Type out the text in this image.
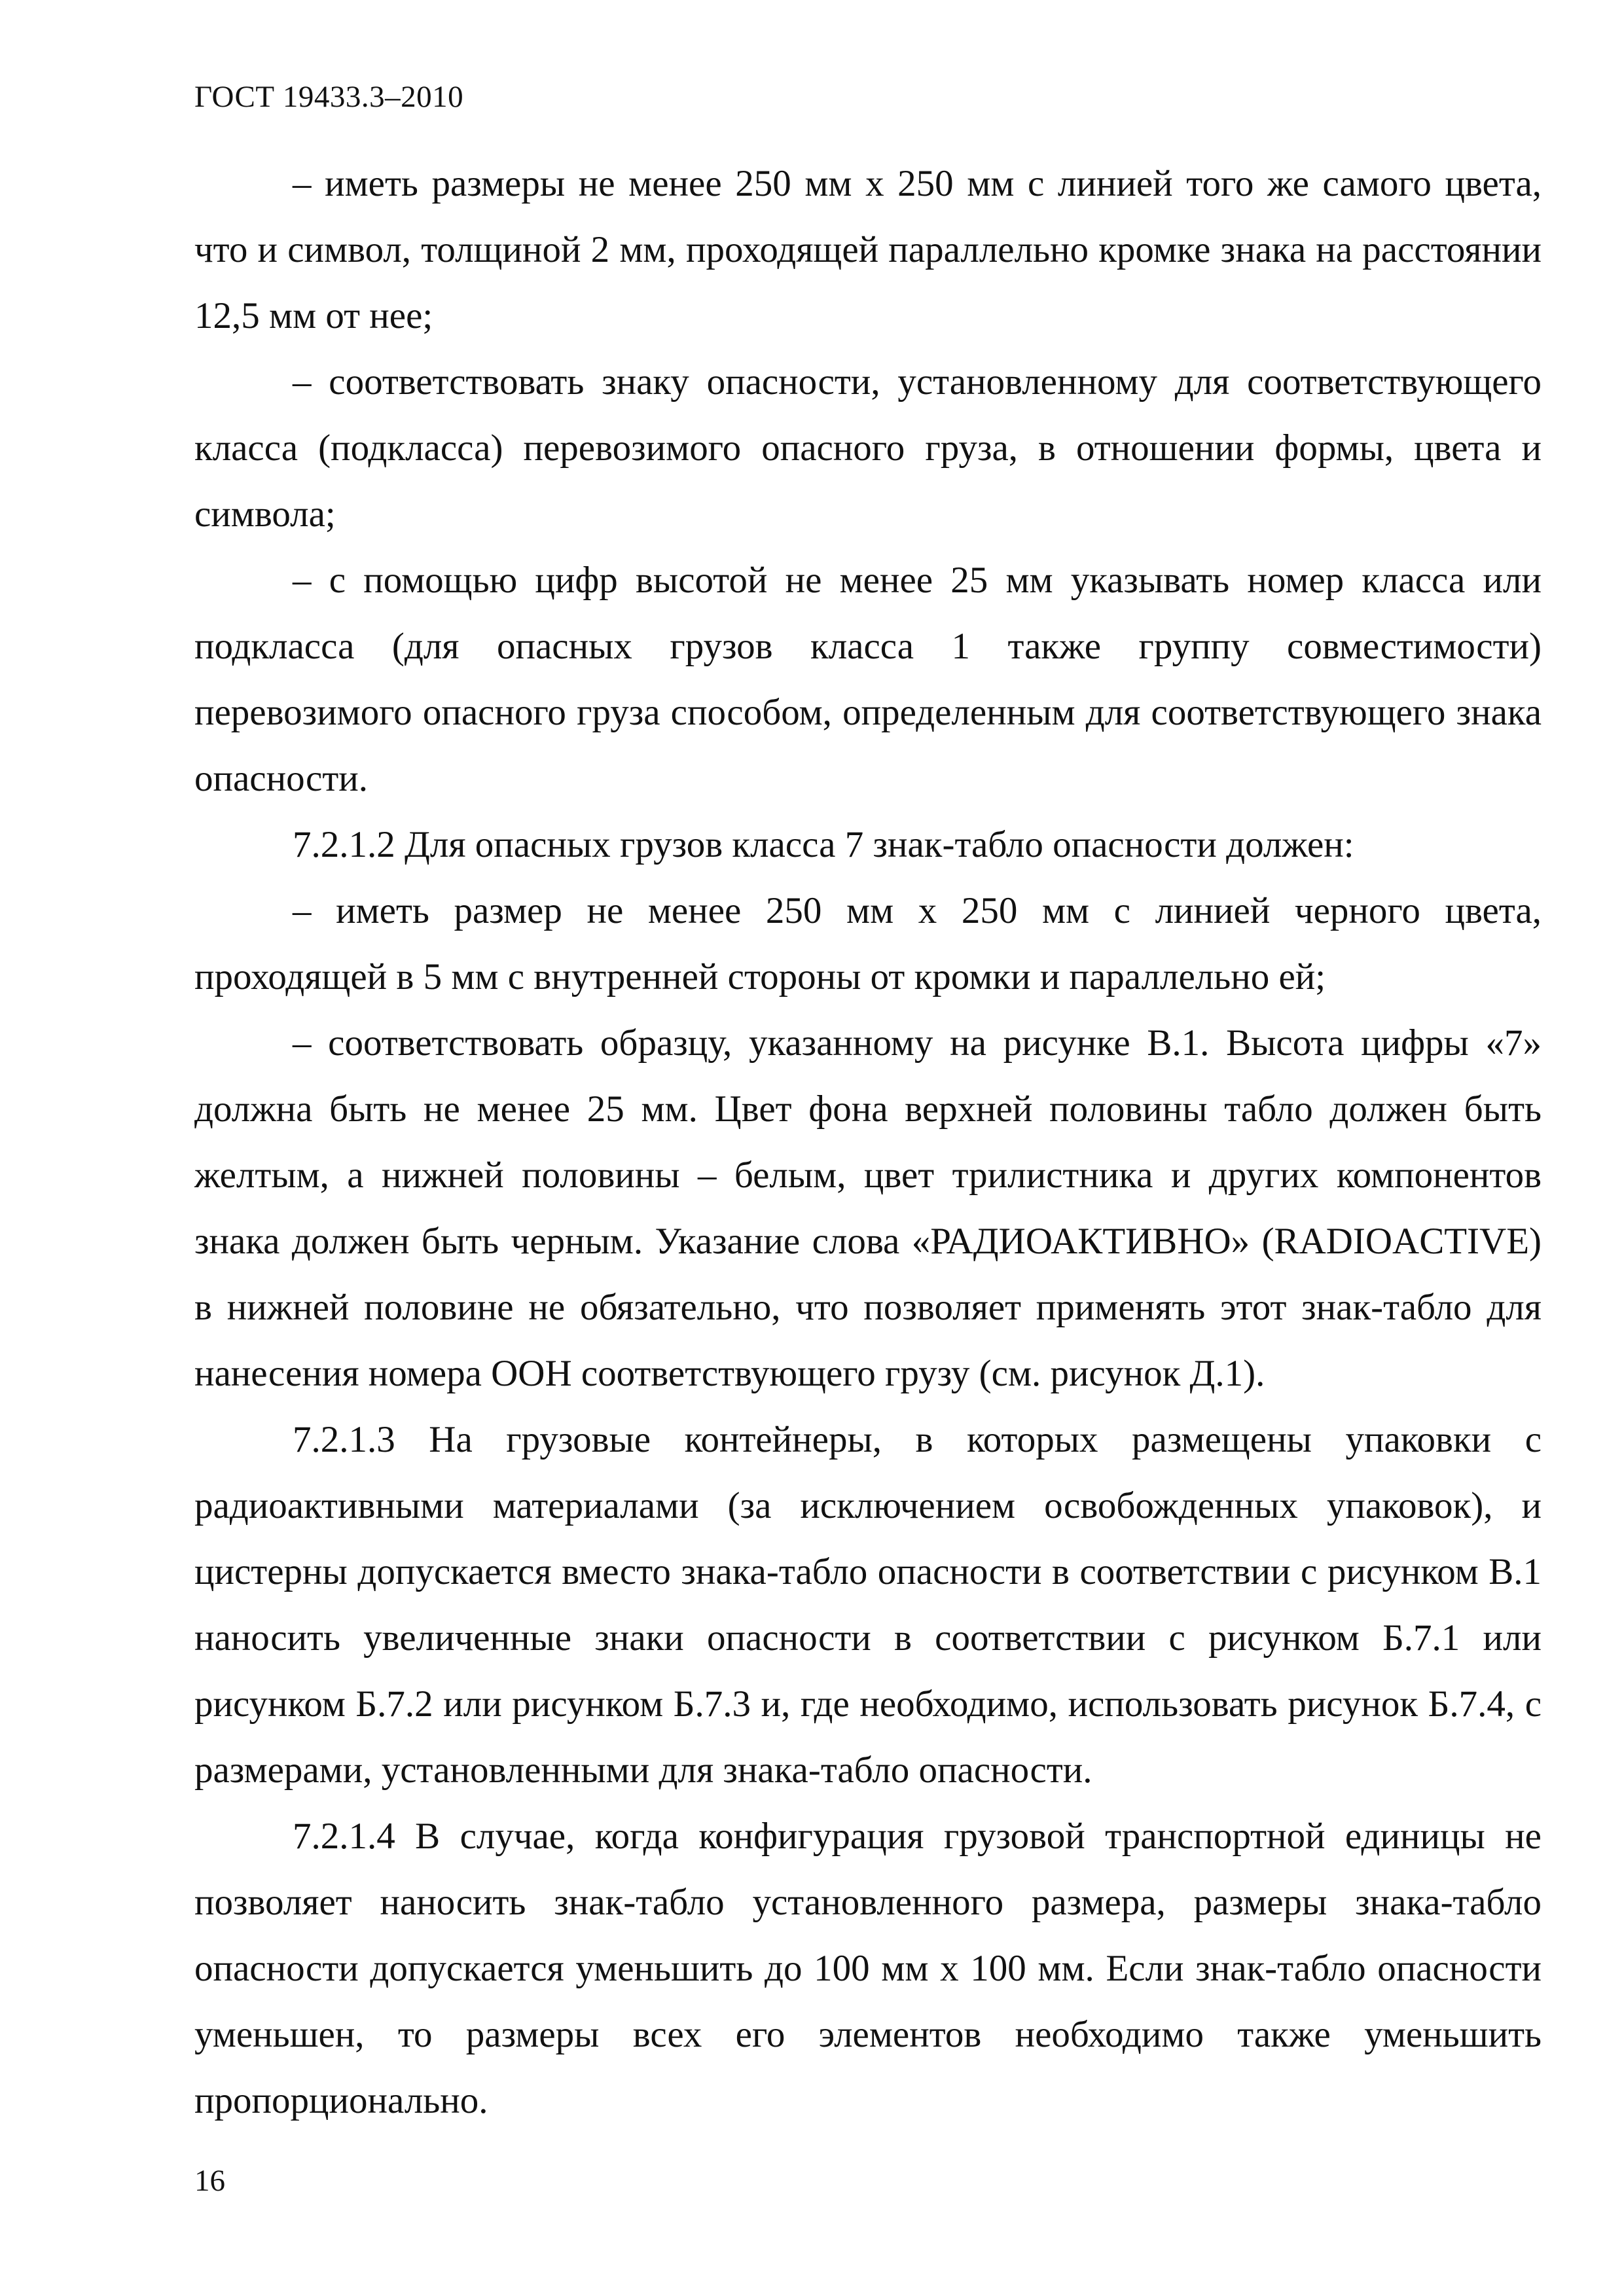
ГОСТ 19433.3–2010

– иметь размеры не менее 250 мм х 250 мм с линией того же самого цвета, что и символ, толщиной 2 мм, проходящей параллельно кромке знака на расстоянии 12,5 мм от нее;

– соответствовать знаку опасности, установленному для соответствующего класса (подкласса) перевозимого опасного груза, в отношении формы, цвета и символа;

– с помощью цифр высотой не менее 25 мм указывать номер класса или подкласса (для опасных грузов класса 1 также группу совместимости) перевозимого опасного груза способом, определенным для соответствующего знака опасности.

7.2.1.2 Для опасных грузов класса 7 знак-табло опасности должен:

– иметь размер не менее 250 мм х 250 мм с линией черного цвета, проходящей в 5 мм с внутренней стороны от кромки и параллельно ей;

– соответствовать образцу, указанному на рисунке В.1. Высота цифры «7» должна быть не менее 25 мм. Цвет фона верхней половины табло должен быть желтым, а нижней половины – белым, цвет трилистника и других компонентов знака должен быть черным. Указание слова «РАДИОАКТИВНО» (RADIOACTIVE) в нижней половине не обязательно, что позволяет применять этот знак-табло для нанесения номера ООН соответствующего грузу (см. рисунок Д.1).

7.2.1.3 На грузовые контейнеры, в которых размещены упаковки с радиоактивными материалами (за исключением освобожденных упаковок), и цистерны допускается вместо знака-табло опасности в соответствии с рисунком В.1 наносить увеличенные знаки опасности в соответствии с рисунком Б.7.1 или рисунком Б.7.2 или рисунком Б.7.3 и, где необходимо, использовать рисунок Б.7.4, с размерами, установленными для знака-табло опасности.

7.2.1.4 В случае, когда конфигурация грузовой транспортной единицы не позволяет наносить знак-табло установленного размера, размеры знака-табло опасности допускается уменьшить до 100 мм х 100 мм. Если знак-табло опасности уменьшен, то размеры всех его элементов необходимо также уменьшить пропорционально.

16
